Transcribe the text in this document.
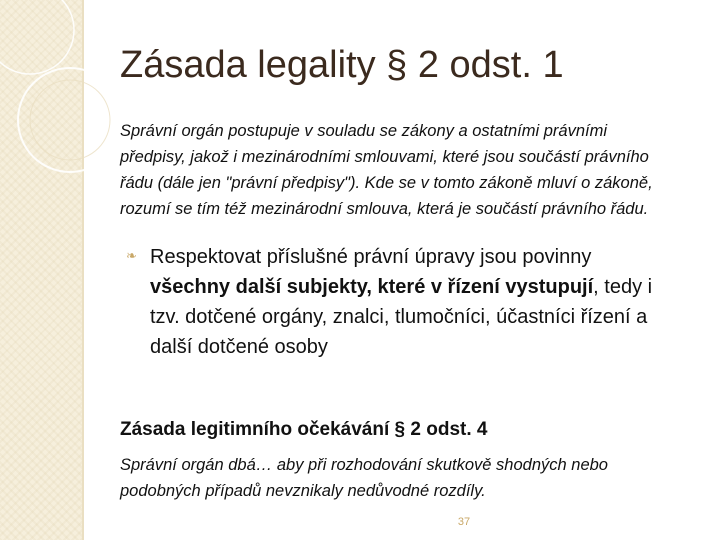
Zásada legality § 2 odst. 1

Správní orgán postupuje v souladu se zákony a ostatními právními předpisy, jakož i mezinárodními smlouvami, které jsou součástí právního řádu (dále jen "právní předpisy"). Kde se v tomto zákoně mluví o zákoně, rozumí se tím též mezinárodní smlouva, která je součástí právního řádu.

❧ Respektovat příslušné právní úpravy jsou povinny všechny další subjekty, které v řízení vystupují, tedy i tzv. dotčené orgány, znalci, tlumočníci, účastníci řízení a další dotčené osoby

Zásada legitimního očekávání § 2 odst. 4

Správní orgán dbá… aby při rozhodování skutkově shodných nebo podobných případů nevznikaly nedůvodné rozdíly.

37
